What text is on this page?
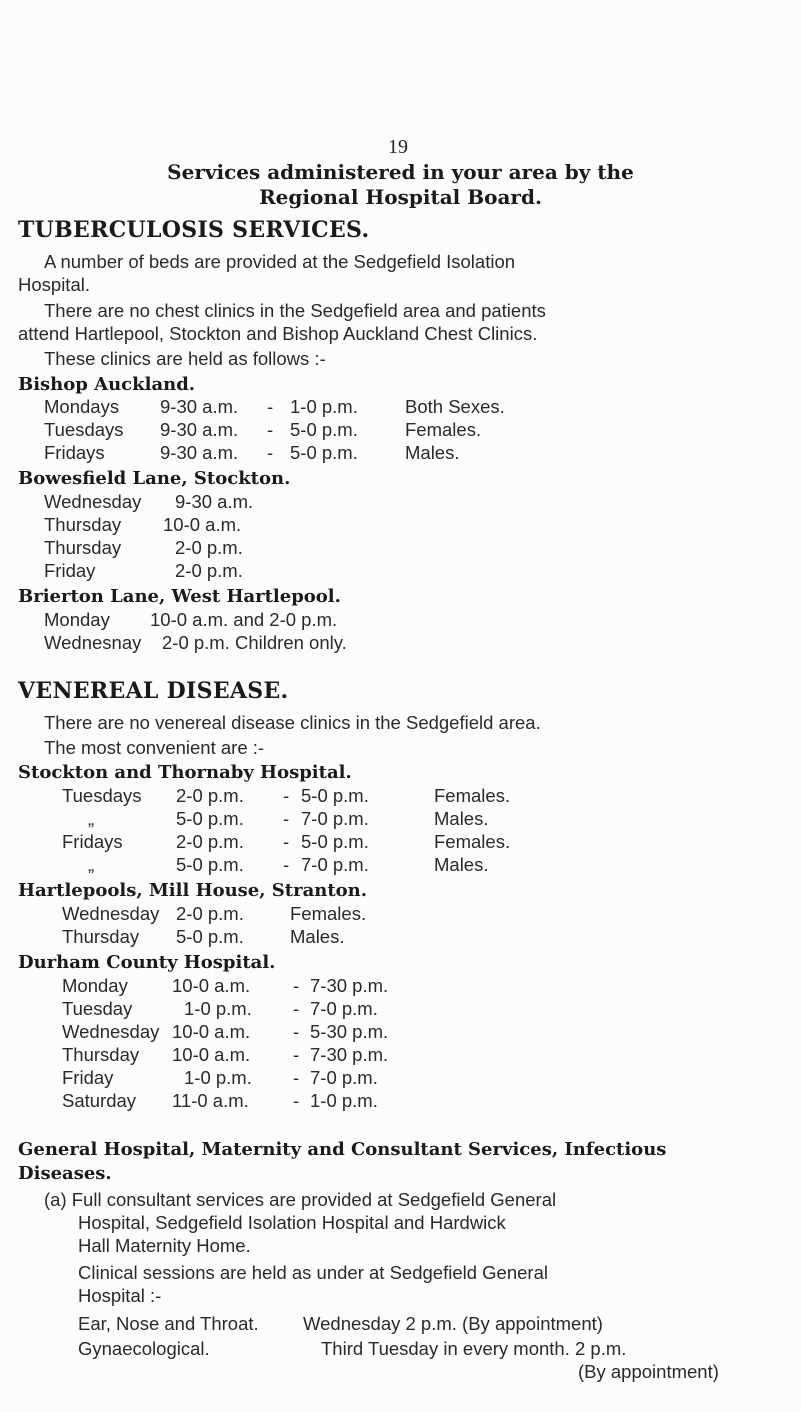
19
Services administered in your area by the
Regional Hospital Board.
TUBERCULOSIS SERVICES.
A number of beds are provided at the Sedgefield Isolation
Hospital.
There are no chest clinics in the Sedgefield area and patients
attend Hartlepool, Stockton and Bishop Auckland Chest Clinics.
These clinics are held as follows :-
Bishop Auckland.
Mondays 9-30 a.m. - 1-0 p.m.	Both Sexes.
Tuesdays 9-30 a.m. - 5-0 p.m.	Females.
Fridays	9-30 a.m. - 5-0 p.m.	Males.
Bowesfield Lane, Stockton.
Wednesday 9-30 a.m.
Thursday 10-0 a.m.
Thursday	2-0 p.m.
Friday	2-0 p.m.
Brierton Lane, West Hartlepool.
Monday 10-0 a.m. and 2-0 p.m.
Wednesnay 2-0 p.m. Children only.
VENEREAL DISEASE.
There are no venereal disease clinics in the Sedgefield area.
The most convenient are :-
Stockton and Thornaby Hospital.
Tuesdays 2-0 p.m. - 5-0 p.m.	Females.
„	5-0 p.m. - 7-0 p.m.	Males.
Fridays	2-0 p.m. - 5-0 p.m.	Females.
„	5-0 p.m. - 7-0 p.m.	Males.
Hartlepools, Mill House, Stranton.
Wednesday 2-0 p.m. Females.
Thursday 5-0 p.m. Males.
Durham County Hospital.
Monday 10-0 a.m. - 7-30 p.m.
Tuesday	1-0 p.m. - 7-0 p.m.
Wednesday 10-0 a.m. - 5-30 p.m.
Thursday 10-0 a.m. - 7-30 p.m.
Friday	1-0 p.m. - 7-0 p.m.
Saturday 11-0 a.m. - 1-0 p.m.
General Hospital, Maternity and Consultant Services, Infectious
Diseases.
(a) Full consultant services are provided at Sedgefield General
Hospital, Sedgefield Isolation Hospital and Hardwick
Hall Maternity Home.
Clinical sessions are held as under at Sedgefield General
Hospital :-
Ear, Nose and Throat. Wednesday 2 p.m. (By appointment)
Gynaecological.	Third Tuesday in every month. 2 p.m.
(By appointment)
